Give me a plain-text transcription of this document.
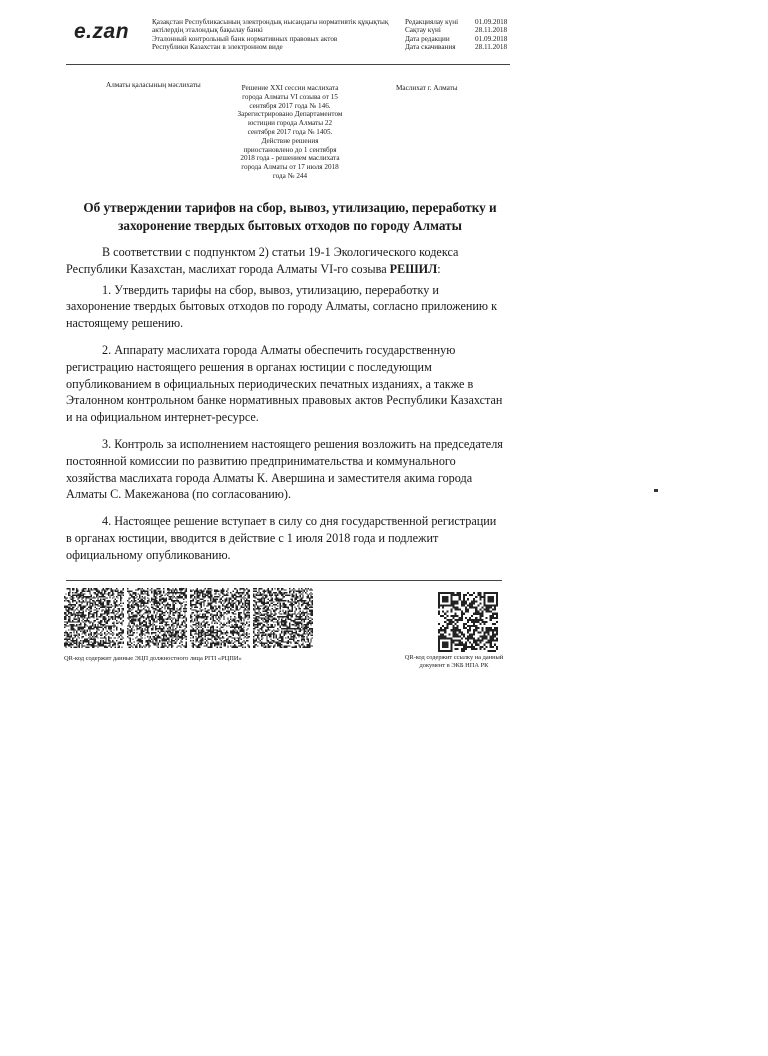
e.zan	Қазақстан Республикасының электрондық нысандағы нормативтік құқықтық
актілердің эталондық бақылау банкі
Эталонный контрольный банк нормативных правовых актов
Республики Казахстан в электронном виде
Редакциялау күні	01.09.2018
Сақтау күні	28.11.2018
Дата редакции	01.09.2018
Дата скачивания	28.11.2018
Алматы қаласының мәслихаты	Решение XXI сессии маслихата
города Алматы VI созыва от 15
сентября 2017 года № 146.
Зарегистрировано Департаментом
юстиции города Алматы 22
сентября 2017 года № 1405.
Действие решения
приостановлено до 1 сентября
2018 года - решением маслихата
города Алматы от 17 июля 2018
года № 244
Маслихат г. Алматы
Об утверждении тарифов на сбор, вывоз, утилизацию, переработку и захоронение твердых бытовых отходов по городу Алматы

В соответствии с подпунктом 2) статьи 19-1 Экологического кодекса Республики Казахстан, маслихат города Алматы VI-го созыва РЕШИЛ:

1. Утвердить тарифы на сбор, вывоз, утилизацию, переработку и захоронение твердых бытовых отходов по городу Алматы, согласно приложению к настоящему решению.

2. Аппарату маслихата города Алматы обеспечить государственную регистрацию настоящего решения в органах юстиции с последующим опубликованием в официальных периодических печатных изданиях, а также в Эталонном контрольном банке нормативных правовых актов Республики Казахстан и на официальном интернет-ресурсе.

3. Контроль за исполнением настоящего решения возложить на председателя постоянной комиссии по развитию предпринимательства и коммунального хозяйства маслихата города Алматы К. Авершина и заместителя акима города Алматы С. Макежанова (по согласованию).

4. Настоящее решение вступает в силу со дня государственной регистрации в органах юстиции, вводится в действие с 1 июля 2018 года и подлежит официальному опубликованию.

QR-код содержит данные ЭЦП должностного лица РГП «РЦПИ»	QR-код содержит ссылку на данный документ в ЭКБ НПА РК
